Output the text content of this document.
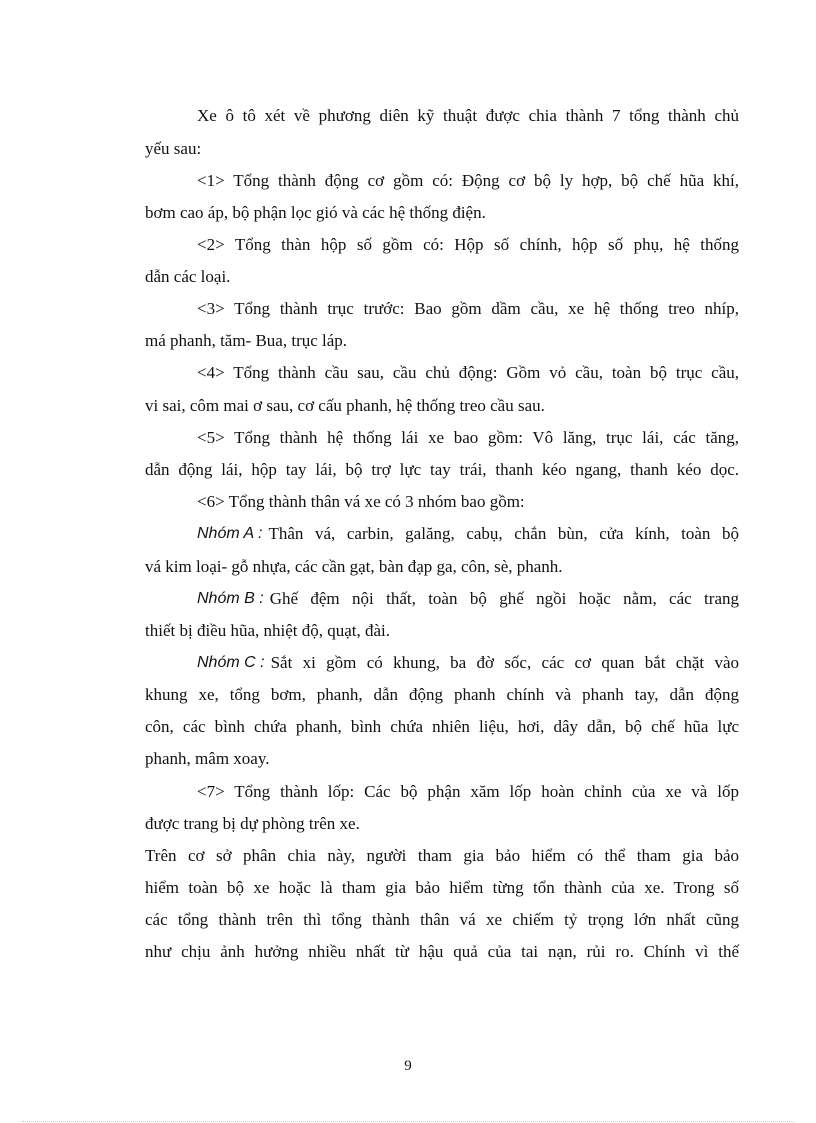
Xe ô tô xét về phương diên kỹ thuật được chia thành 7 tổng thành chủ
yếu sau:
<1> Tổng thành động cơ gồm có: Động cơ bộ ly hợp, bộ chế hũa khí,
bơm cao áp, bộ phận lọc gió và các hệ thống điện.
<2> Tổng thàn hộp số gồm có: Hộp số chính, hộp số phụ, hệ thống
dẫn các loại.
<3> Tổng thành trục trước: Bao gồm dầm cầu, xe hệ thống treo nhíp,
má phanh, tăm- Bua, trục láp.
<4> Tổng thành cầu sau, cầu chủ động: Gồm vỏ cầu, toàn bộ trục cầu,
vi sai, côm mai ơ sau, cơ cấu phanh, hệ thống treo cầu sau.
<5> Tổng thành hệ thống lái xe bao gồm: Vô lăng, trục lái, các tăng,
dẫn động lái, hộp tay lái, bộ trợ lực tay trái, thanh kéo ngang, thanh kéo dọc.
<6> Tổng thành thân vá xe có 3 nhóm bao gồm:
Nhóm A : Thân vá, carbin, galăng, cabụ, chắn bùn, cửa kính, toàn bộ
vá kim loại- gỗ nhựa, các cần gạt, bàn đạp ga, côn, sè, phanh.
Nhóm B : Ghế đệm nội thất, toàn bộ ghế ngồi hoặc nằm, các trang
thiết bị điều hũa, nhiệt độ, quạt, đài.
Nhóm C : Sắt xi gồm có khung, ba đờ sốc, các cơ quan bắt chặt vào
khung xe, tổng bơm, phanh, dẫn động phanh chính và phanh tay, dẫn động
côn, các bình chứa phanh, bình chứa nhiên liệu, hơi, dây dẫn, bộ chế hũa lực
phanh, mâm xoay.
<7> Tổng thành lốp: Các bộ phận xăm lốp hoàn chỉnh của xe và lốp
được trang bị dự phòng trên xe.
Trên cơ sở phân chia này, người tham gia bảo hiểm có thể tham gia bảo
hiểm toàn bộ xe hoặc là tham gia bảo hiểm từng tổn thành của xe. Trong số
các tổng thành trên thì tổng thành thân vá xe chiếm tỷ trọng lớn nhất cũng
như chịu ảnh hưởng nhiều nhất từ hậu quả của tai nạn, rủi ro. Chính vì thế
9
